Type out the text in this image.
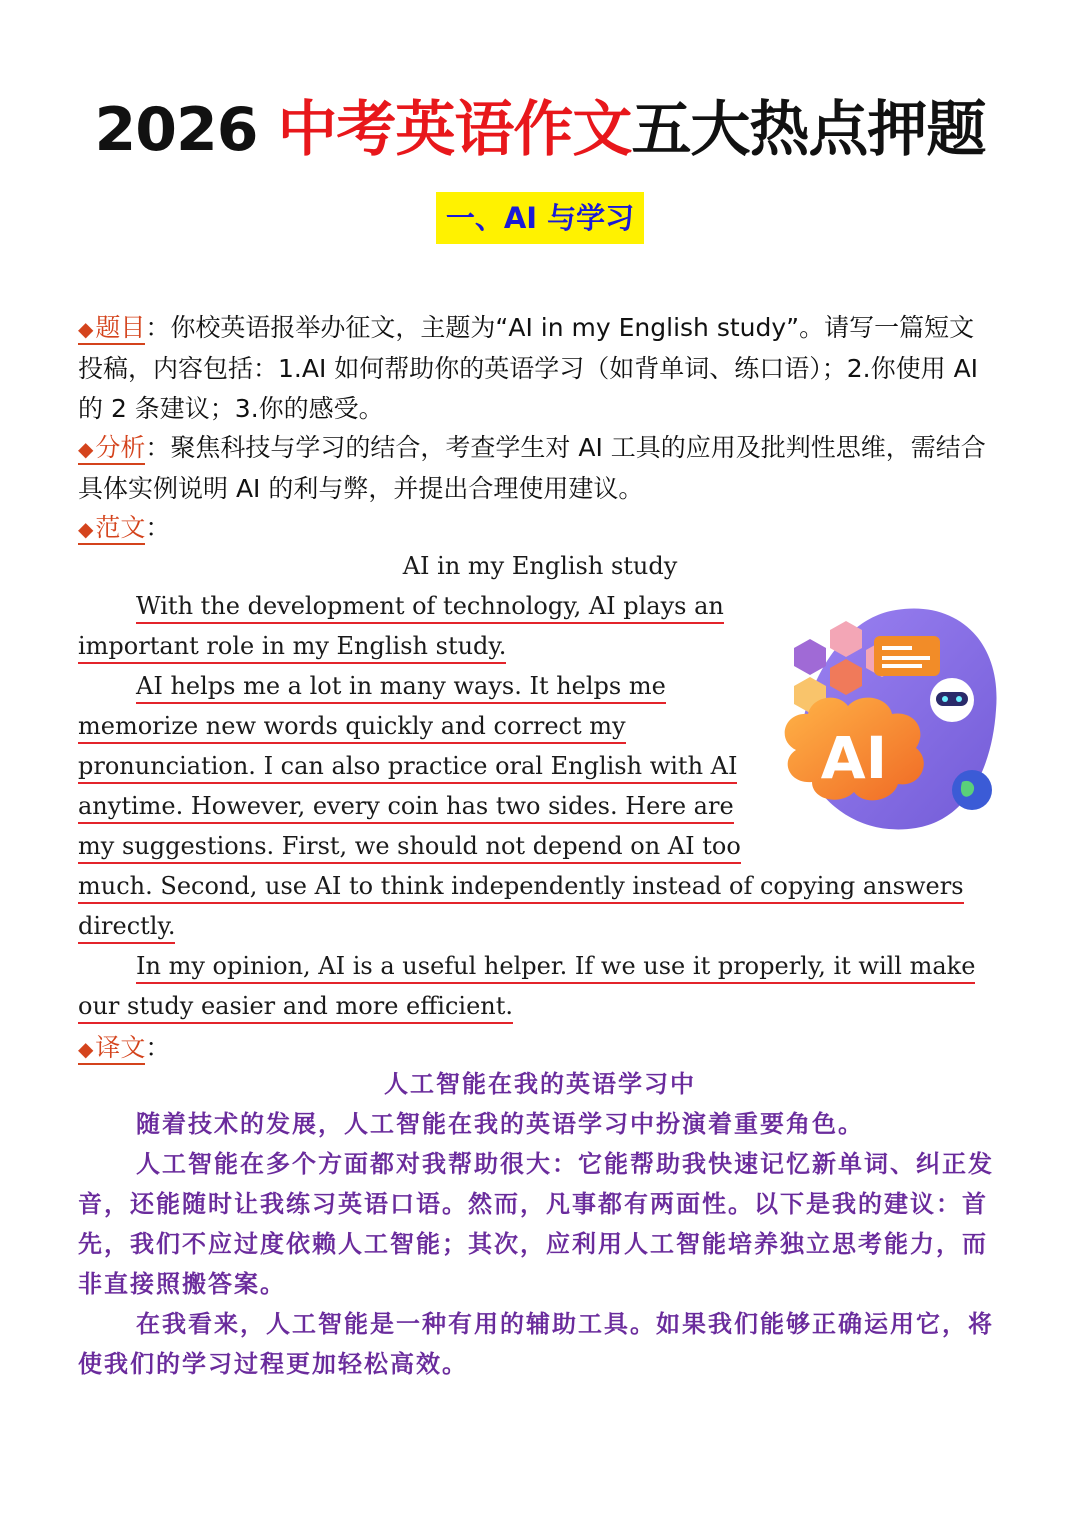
2026 中考英语作文五大热点押题
一、AI 与学习
◆题目：你校英语报举办征文，主题为“AI in my English study”。请写一篇短文投稿，内容包括：1.AI 如何帮助你的英语学习（如背单词、练口语）；2.你使用 AI 的 2 条建议；3.你的感受。
◆分析：聚焦科技与学习的结合，考查学生对 AI 工具的应用及批判性思维，需结合具体实例说明 AI 的利与弊，并提出合理使用建议。
◆范文：
AI in my English study
With the development of technology, AI plays an
important role in my English study.
AI helps me a lot in many ways. It helps me
memorize new words quickly and correct my
pronunciation. I can also practice oral English with AI
anytime. However, every coin has two sides. Here are
my suggestions. First, we should not depend on AI too
much. Second, use AI to think independently instead of copying answers
directly.
In my opinion, AI is a useful helper. If we use it properly, it will make
our study easier and more efficient.
AI
◆译文：
人工智能在我的英语学习中
随着技术的发展，人工智能在我的英语学习中扮演着重要角色。
人工智能在多个方面都对我帮助很大：它能帮助我快速记忆新单词、纠正发音，还能随时让我练习英语口语。然而，凡事都有两面性。以下是我的建议：首先，我们不应过度依赖人工智能；其次，应利用人工智能培养独立思考能力，而非直接照搬答案。
在我看来，人工智能是一种有用的辅助工具。如果我们能够正确运用它，将使我们的学习过程更加轻松高效。
